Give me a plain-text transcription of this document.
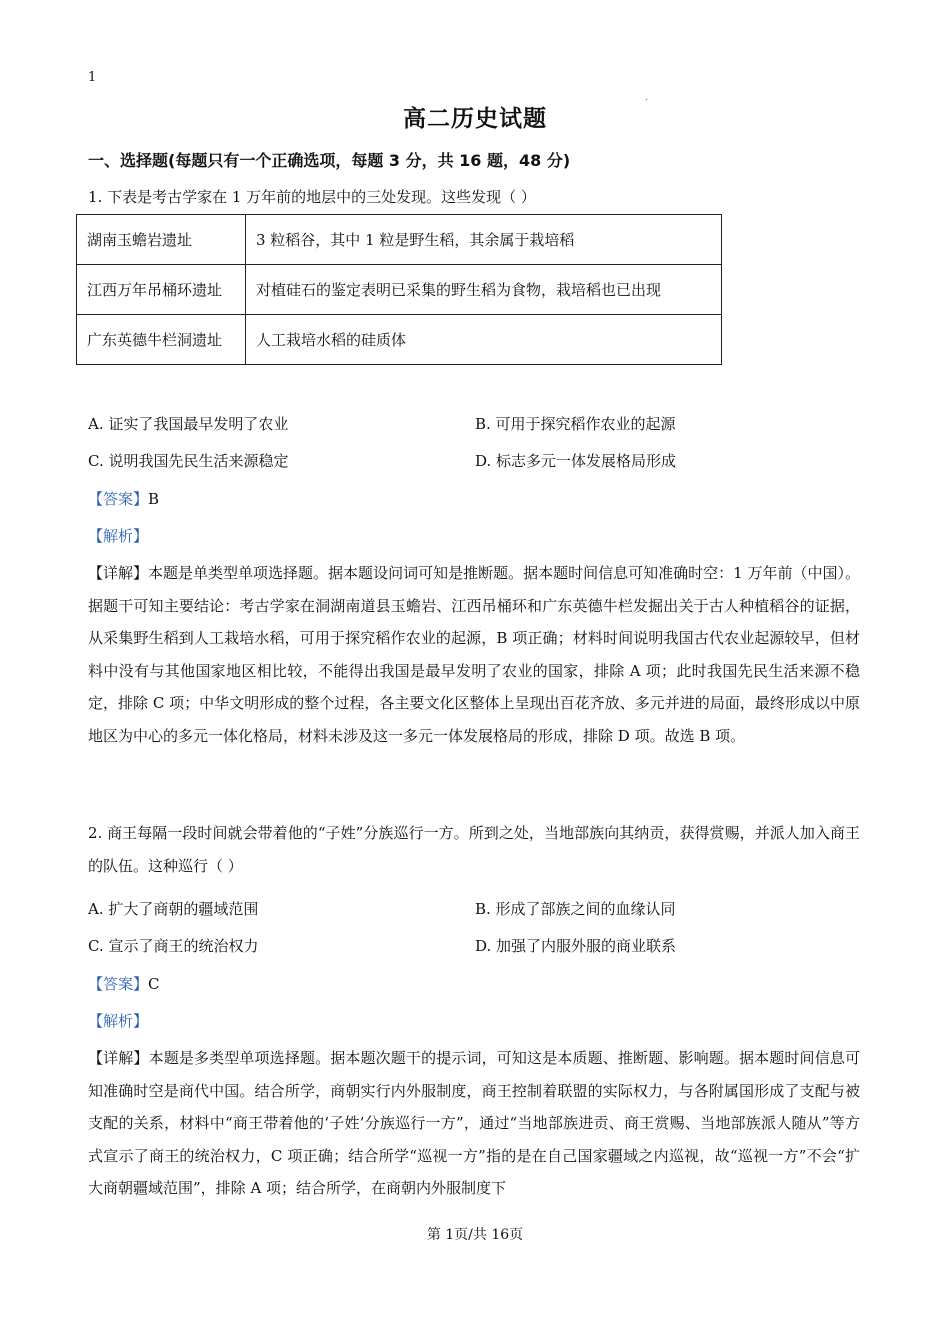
1
.
高二历史试题
一、选择题(每题只有一个正确选项，每题 3 分，共 16 题，48 分)
1. 下表是考古学家在 1 万年前的地层中的三处发现。这些发现（ ）
湖南玉蟾岩遗址	3 粒稻谷，其中 1 粒是野生稻，其余属于栽培稻
江西万年吊桶环遗址	对植硅石的鉴定表明已采集的野生稻为食物，栽培稻也已出现
广东英德牛栏洞遗址	人工栽培水稻的硅质体
A. 证实了我国最早发明了农业	B. 可用于探究稻作农业的起源
C. 说明我国先民生活来源稳定	D. 标志多元一体发展格局形成
【答案】B
【解析】
【详解】本题是单类型单项选择题。据本题设问词可知是推断题。据本题时间信息可知准确时空：1 万年前（中国）。据题干可知主要结论：考古学家在洞湖南道县玉蟾岩、江西吊桶环和广东英德牛栏发掘出关于古人种植稻谷的证据，从采集野生稻到人工栽培水稻，可用于探究稻作农业的起源，B 项正确；材料时间说明我国古代农业起源较早，但材料中没有与其他国家地区相比较，不能得出我国是最早发明了农业的国家，排除 A 项；此时我国先民生活来源不稳定，排除 C 项；中华文明形成的整个过程，各主要文化区整体上呈现出百花齐放、多元并进的局面，最终形成以中原地区为中心的多元一体化格局，材料未涉及这一多元一体发展格局的形成，排除 D 项。故选 B 项。
2. 商王每隔一段时间就会带着他的“子姓”分族巡行一方。所到之处，当地部族向其纳贡，获得赏赐，并派人加入商王的队伍。这种巡行（ ）
A. 扩大了商朝的疆域范围	B. 形成了部族之间的血缘认同
C. 宣示了商王的统治权力	D. 加强了内服外服的商业联系
【答案】C
【解析】
【详解】本题是多类型单项选择题。据本题次题干的提示词，可知这是本质题、推断题、影响题。据本题时间信息可知准确时空是商代中国。结合所学，商朝实行内外服制度，商王控制着联盟的实际权力，与各附属国形成了支配与被支配的关系，材料中“商王带着他的‘子姓’分族巡行一方”，通过“当地部族进贡、商王赏赐、当地部族派人随从”等方式宣示了商王的统治权力，C 项正确；结合所学“巡视一方”指的是在自己国家疆域之内巡视，故“巡视一方”不会“扩大商朝疆域范围”，排除 A 项；结合所学，在商朝内外服制度下
第 1页/共 16页
